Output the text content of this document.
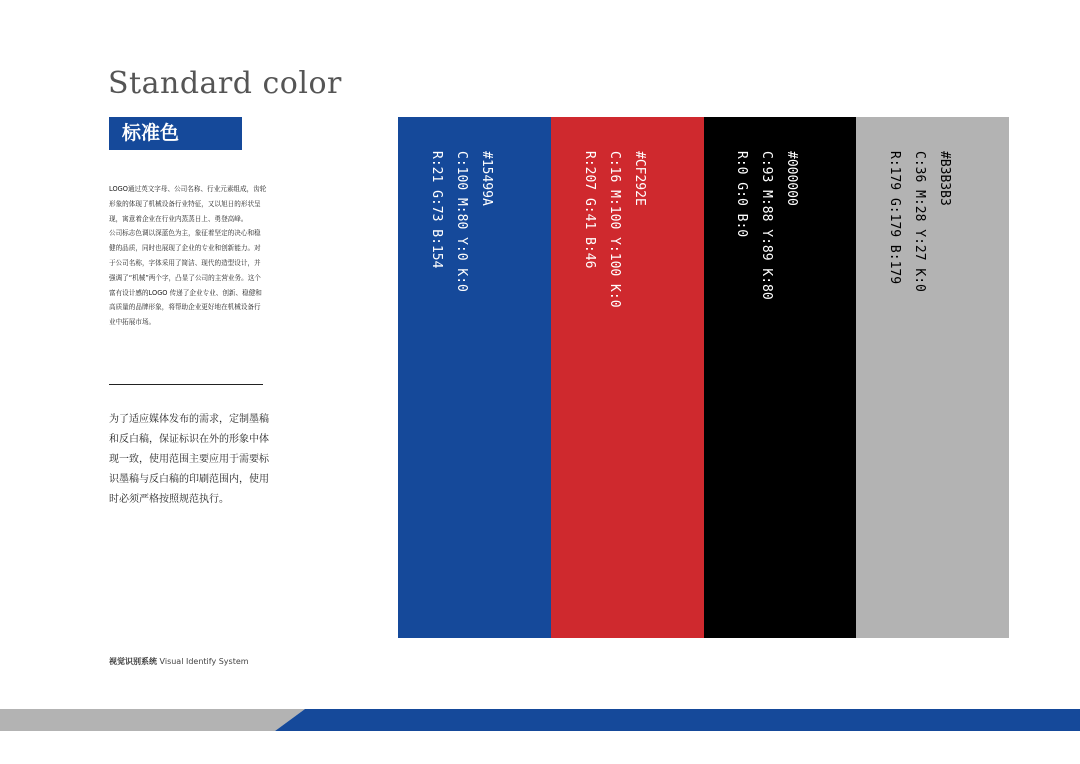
Standard color
标准色

LOGO通过英文字母、公司名称、行业元素组成，齿轮形象的体现了机械设备行业特征，又以旭日的形状呈现，寓意着企业在行业内蒸蒸日上、勇登高峰。

公司标志色调以深蓝色为主，象征着坚定的决心和稳健的品质，同时也展现了企业的专业和创新能力。对于公司名称，字体采用了简洁、现代的造型设计，并强调了“机械”两个字，凸显了公司的主营业务。这个富有设计感的LOGO 传递了企业专业、创新、稳健和高质量的品牌形象，将帮助企业更好地在机械设备行业中拓展市场。

为了适应媒体发布的需求，定制墨稿和反白稿，保证标识在外的形象中体现一致，使用范围主要应用于需要标识墨稿与反白稿的印刷范围内，使用时必须严格按照规范执行。

视觉识别系统 Visual Identify System
#15499A
C:100 M:80 Y:0 K:0
R:21 G:73 B:154	#CF292E
C:16 M:100 Y:100 K:0
R:207 G:41 B:46	#000000
C:93 M:88 Y:89 K:80
R:0 G:0 B:0	#B3B3B3
C:36 M:28 Y:27 K:0
R:179 G:179 B:179
